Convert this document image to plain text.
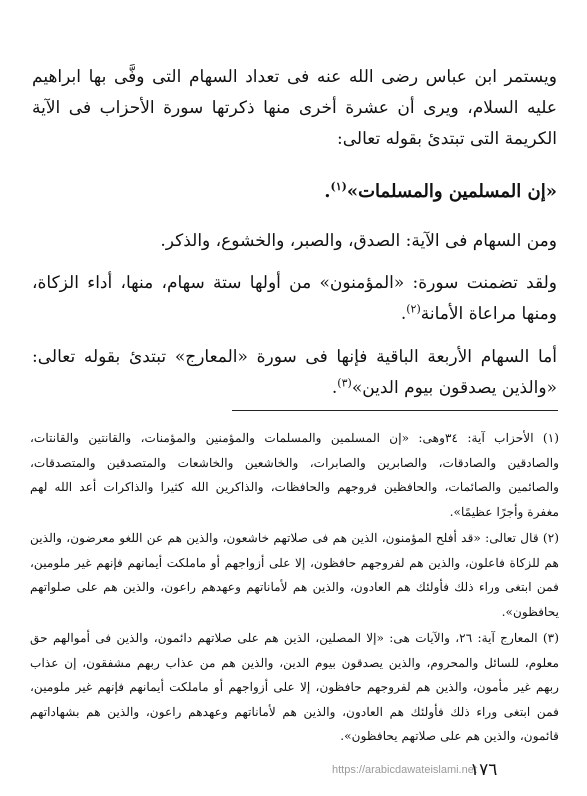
ويستمر ابن عباس رضى الله عنه فى تعداد السهام التى وفَّى بها ابراهيم عليه السلام، ويرى أن عشرة أخرى منها ذكرتها سورة الأحزاب فى الآية الكريمة التى تبتدئ بقوله تعالى:

«إن المسلمين والمسلمات»$^{(١)}$.

ومن السهام فى الآية: الصدق، والصبر، والخشوع، والذكر.

ولقد تضمنت سورة: «المؤمنون» من أولها ستة سهام، منها، أداء الزكاة، ومنها مراعاة الأمانة$^{(٢)}$.

أما السهام الأربعة الباقية فإنها فى سورة «المعارج» تبتدئ بقوله تعالى: «والذين يصدقون بيوم الدين»$^{(٣)}$.

(١) الأحزاب آية: ٣٤وهى: «إن المسلمين والمسلمات والمؤمنين والمؤمنات، والقانتين والقانتات، والصادقين والصادقات، والصابرين والصابرات، والخاشعين والخاشعات والمتصدقين والمتصدقات، والصائمين والصائمات، والحافظين فروجهم والحافظات، والذاكرين الله كثيرا والذاكرات أعد الله لهم مغفرة وأجرًا عظيمًا».

(٢) قال تعالى: «قد أفلح المؤمنون، الذين هم فى صلاتهم خاشعون، والذين هم عن اللغو معرضون، والذين هم للزكاة فاعلون، والذين هم لفروجهم حافظون، إلا على أزواجهم أو ماملكت أيمانهم فإنهم غير ملومين، فمن ابتغى وراء ذلك فأولئك هم العادون، والذين هم لأماناتهم وعهدهم راعون، والذين هم على صلواتهم يحافظون».

(٣) المعارج آية: ٢٦، والآيات هى: «إلا المصلين، الذين هم على صلاتهم دائمون، والذين فى أموالهم حق معلوم، للسائل والمحروم، والذين يصدقون بيوم الدين، والذين هم من عذاب ربهم مشفقون، إن عذاب ربهم غير مأمون، والذين هم لفروجهم حافظون، إلا على أزواجهم أو ماملكت أيمانهم فإنهم غير ملومين، فمن ابتغى وراء ذلك فأولئك هم العادون، والذين هم لأماناتهم وعهدهم راعون، والذين هم بشهاداتهم قائمون، والذين هم على صلاتهم يحافظون».

https://arabicdawateislami.net
١٧٦
